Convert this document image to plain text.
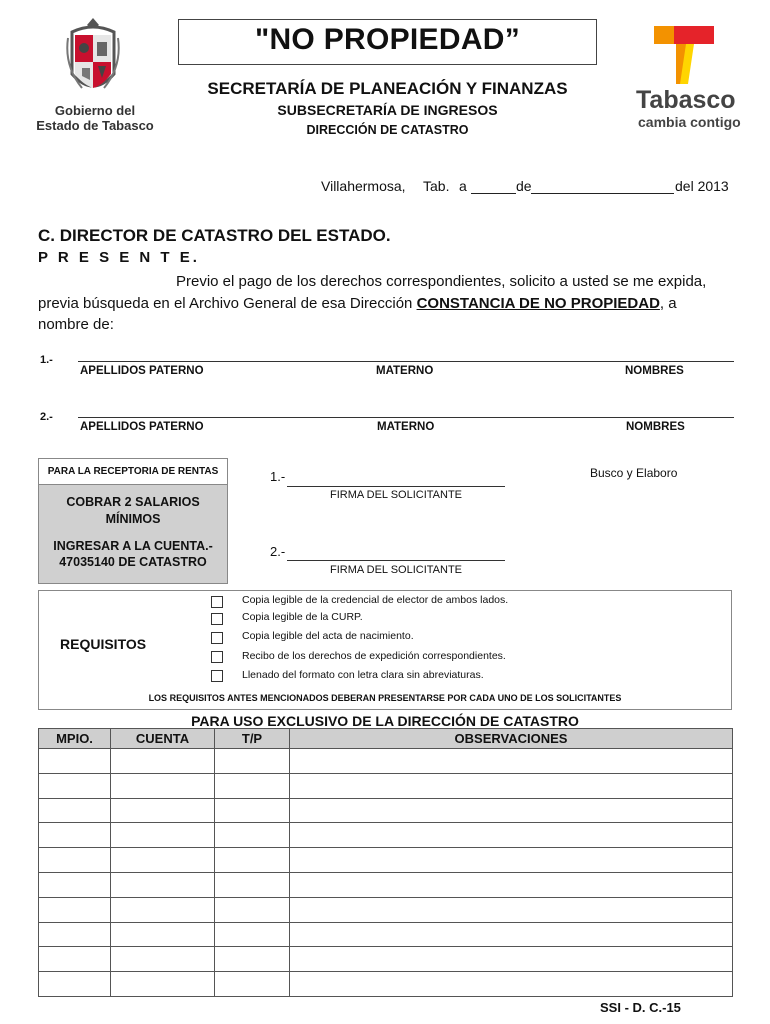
Gobierno del
Estado de Tabasco
Tabasco
cambia contigo
"NO PROPIEDAD”
SECRETARÍA DE PLANEACIÓN Y FINANZAS
SUBSECRETARÍA DE INGRESOS
DIRECCIÓN DE CATASTRO
Villahermosa, Tab. a	de	del 2013
C. DIRECTOR DE CATASTRO DEL ESTADO.
P R E S E N T E.
Previo el pago de los derechos correspondientes, solicito a usted se me expida,
previa búsqueda en el Archivo General de esa Dirección CONSTANCIA DE NO PROPIEDAD, a
nombre de:
1.-
APELLIDOS PATERNO	MATERNO	NOMBRES
2.-
APELLIDOS PATERNO	MATERNO	NOMBRES
PARA LA RECEPTORIA DE RENTAS
COBRAR 2 SALARIOS
MÍNIMOS
INGRESAR A LA CUENTA.-
47035140 DE CATASTRO
1.-
FIRMA DEL SOLICITANTE
2.-
FIRMA DEL SOLICITANTE
Busco y Elaboro
REQUISITOS
Copia legible de la credencial de elector de ambos lados.
Copia legible de la CURP.
Copia legible del acta de nacimiento.
Recibo de los derechos de expedición correspondientes.
Llenado del formato con letra clara sin abreviaturas.
LOS REQUISITOS ANTES MENCIONADOS DEBERAN PRESENTARSE POR CADA UNO DE LOS SOLICITANTES
PARA USO EXCLUSIVO DE LA DIRECCIÓN DE CATASTRO
MPIO.	CUENTA	T/P	OBSERVACIONES

SSI - D. C.-15
